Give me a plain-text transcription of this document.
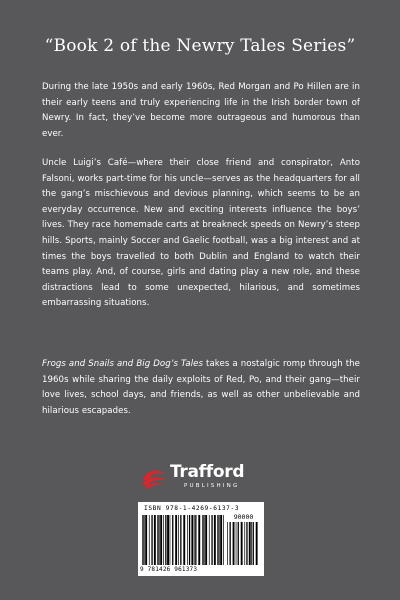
“Book 2 of the Newry Tales Series”
During the late 1950s and early 1960s, Red Morgan and Po Hillen are in their early teens and truly experiencing life in the Irish border town of Newry. In fact, they’ve become more outrageous and humorous than ever.
Uncle Luigi’s Café—where their close friend and conspirator, Anto Falsoni, works part-time for his uncle—serves as the headquarters for all the gang’s mischievous and devious planning, which seems to be an everyday occurrence. New and exciting interests influence the boys’ lives. They race homemade carts at breakneck speeds on Newry’s steep hills. Sports, mainly Soccer and Gaelic football, was a big interest and at times the boys travelled to both Dublin and England to watch their teams play. And, of course, girls and dating play a new role, and these distractions lead to some unexpected, hilarious, and sometimes embarrassing situations.
Frogs and Snails and Big Dog’s Tales takes a nostalgic romp through the 1960s while sharing the daily exploits of Red, Po, and their gang—their love lives, school days, and friends, as well as other unbelievable and hilarious escapades.
Trafford
PUBLISHING
ISBN 978-1-4269-6137-3
90000
9 781426 961373
